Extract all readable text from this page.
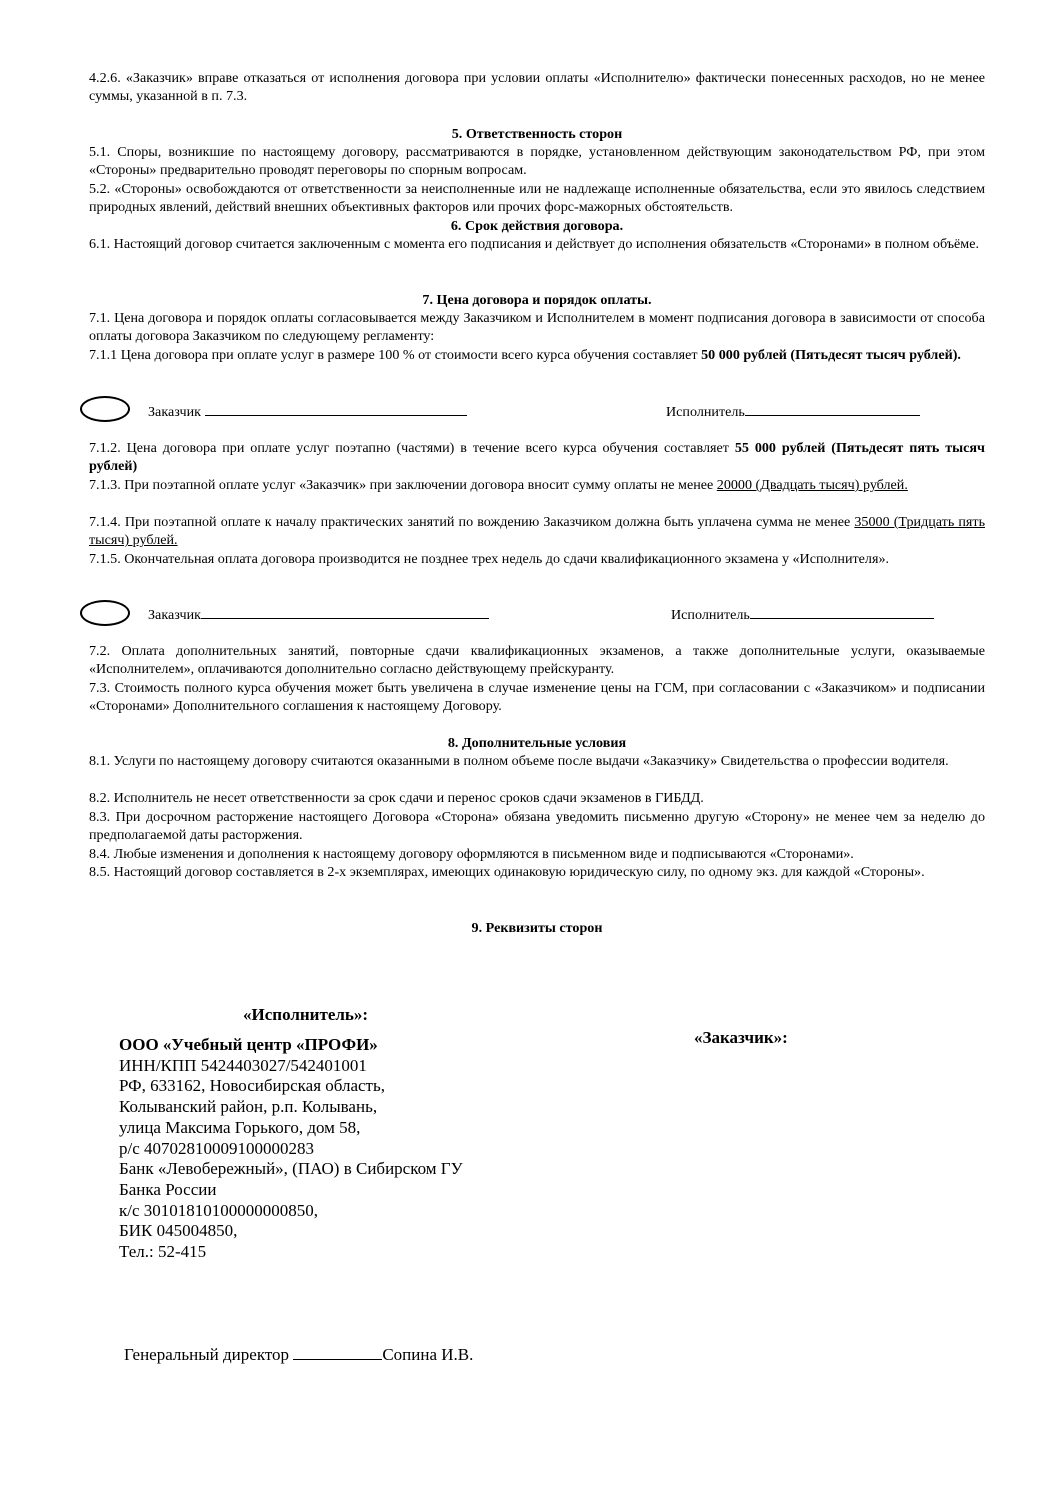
4.2.6. «Заказчик» вправе отказаться от исполнения договора при условии оплаты «Исполнителю» фактически понесенных расходов, но не менее суммы, указанной в п. 7.3.
5. Ответственность сторон
5.1. Споры, возникшие по настоящему договору, рассматриваются в порядке, установленном действующим законодательством РФ, при этом «Стороны» предварительно проводят переговоры по спорным вопросам.
5.2. «Стороны» освобождаются от ответственности за неисполненные или не надлежаще исполненные обязательства, если это явилось следствием природных явлений, действий внешних объективных факторов или прочих форс-мажорных обстоятельств.
6. Срок действия договора.
6.1. Настоящий договор считается заключенным с момента его подписания и действует до исполнения обязательств «Сторонами» в полном объёме.
7. Цена договора и порядок оплаты.
7.1. Цена договора и порядок оплаты согласовывается между Заказчиком и Исполнителем в момент подписания договора в зависимости от способа оплаты договора Заказчиком по следующему регламенту:
7.1.1 Цена договора при оплате услуг в размере 100 % от стоимости всего курса обучения составляет 50 000 рублей (Пятьдесят тысяч рублей).
Заказчик	Исполнитель
7.1.2. Цена договора при оплате услуг поэтапно (частями) в течение всего курса обучения составляет 55 000 рублей (Пятьдесят пять тысяч рублей)
7.1.3. При поэтапной оплате услуг «Заказчик» при заключении договора вносит сумму оплаты не менее 20000 (Двадцать тысяч) рублей.
7.1.4. При поэтапной оплате к началу практических занятий по вождению Заказчиком должна быть уплачена сумма не менее 35000 (Тридцать пять тысяч) рублей.
7.1.5. Окончательная оплата договора производится не позднее трех недель до сдачи квалификационного экзамена у «Исполнителя».
Заказчик	Исполнитель
7.2. Оплата дополнительных занятий, повторные сдачи квалификационных экзаменов, а также дополнительные услуги, оказываемые «Исполнителем», оплачиваются дополнительно согласно действующему прейскуранту.
7.3. Стоимость полного курса обучения может быть увеличена в случае изменение цены на ГСМ, при согласовании с «Заказчиком» и подписании «Сторонами» Дополнительного соглашения к настоящему Договору.
8. Дополнительные условия
8.1. Услуги по настоящему договору считаются оказанными в полном объеме после выдачи «Заказчику» Свидетельства о профессии водителя.
8.2. Исполнитель не несет ответственности за срок сдачи и перенос сроков сдачи экзаменов в ГИБДД.
8.3. При досрочном расторжение настоящего Договора «Сторона» обязана уведомить письменно другую «Сторону» не менее чем за неделю до предполагаемой даты расторжения.
8.4. Любые изменения и дополнения к настоящему договору оформляются в письменном виде и подписываются «Сторонами».
8.5. Настоящий договор составляется в 2-х экземплярах, имеющих одинаковую юридическую силу, по одному экз. для каждой «Стороны».
9. Реквизиты сторон
«Исполнитель»:
«Заказчик»:
ООО «Учебный центр «ПРОФИ»
ИНН/КПП 5424403027/542401001
РФ, 633162, Новосибирская область,
Колыванский район, р.п. Колывань,
улица Максима Горького, дом 58,
р/с 40702810009100000283
Банк «Левобережный», (ПАО) в Сибирском ГУ
Банка России
к/с 30101810100000000850,
БИК 045004850,
Тел.: 52-415
Генеральный директор	Сопина И.В.
